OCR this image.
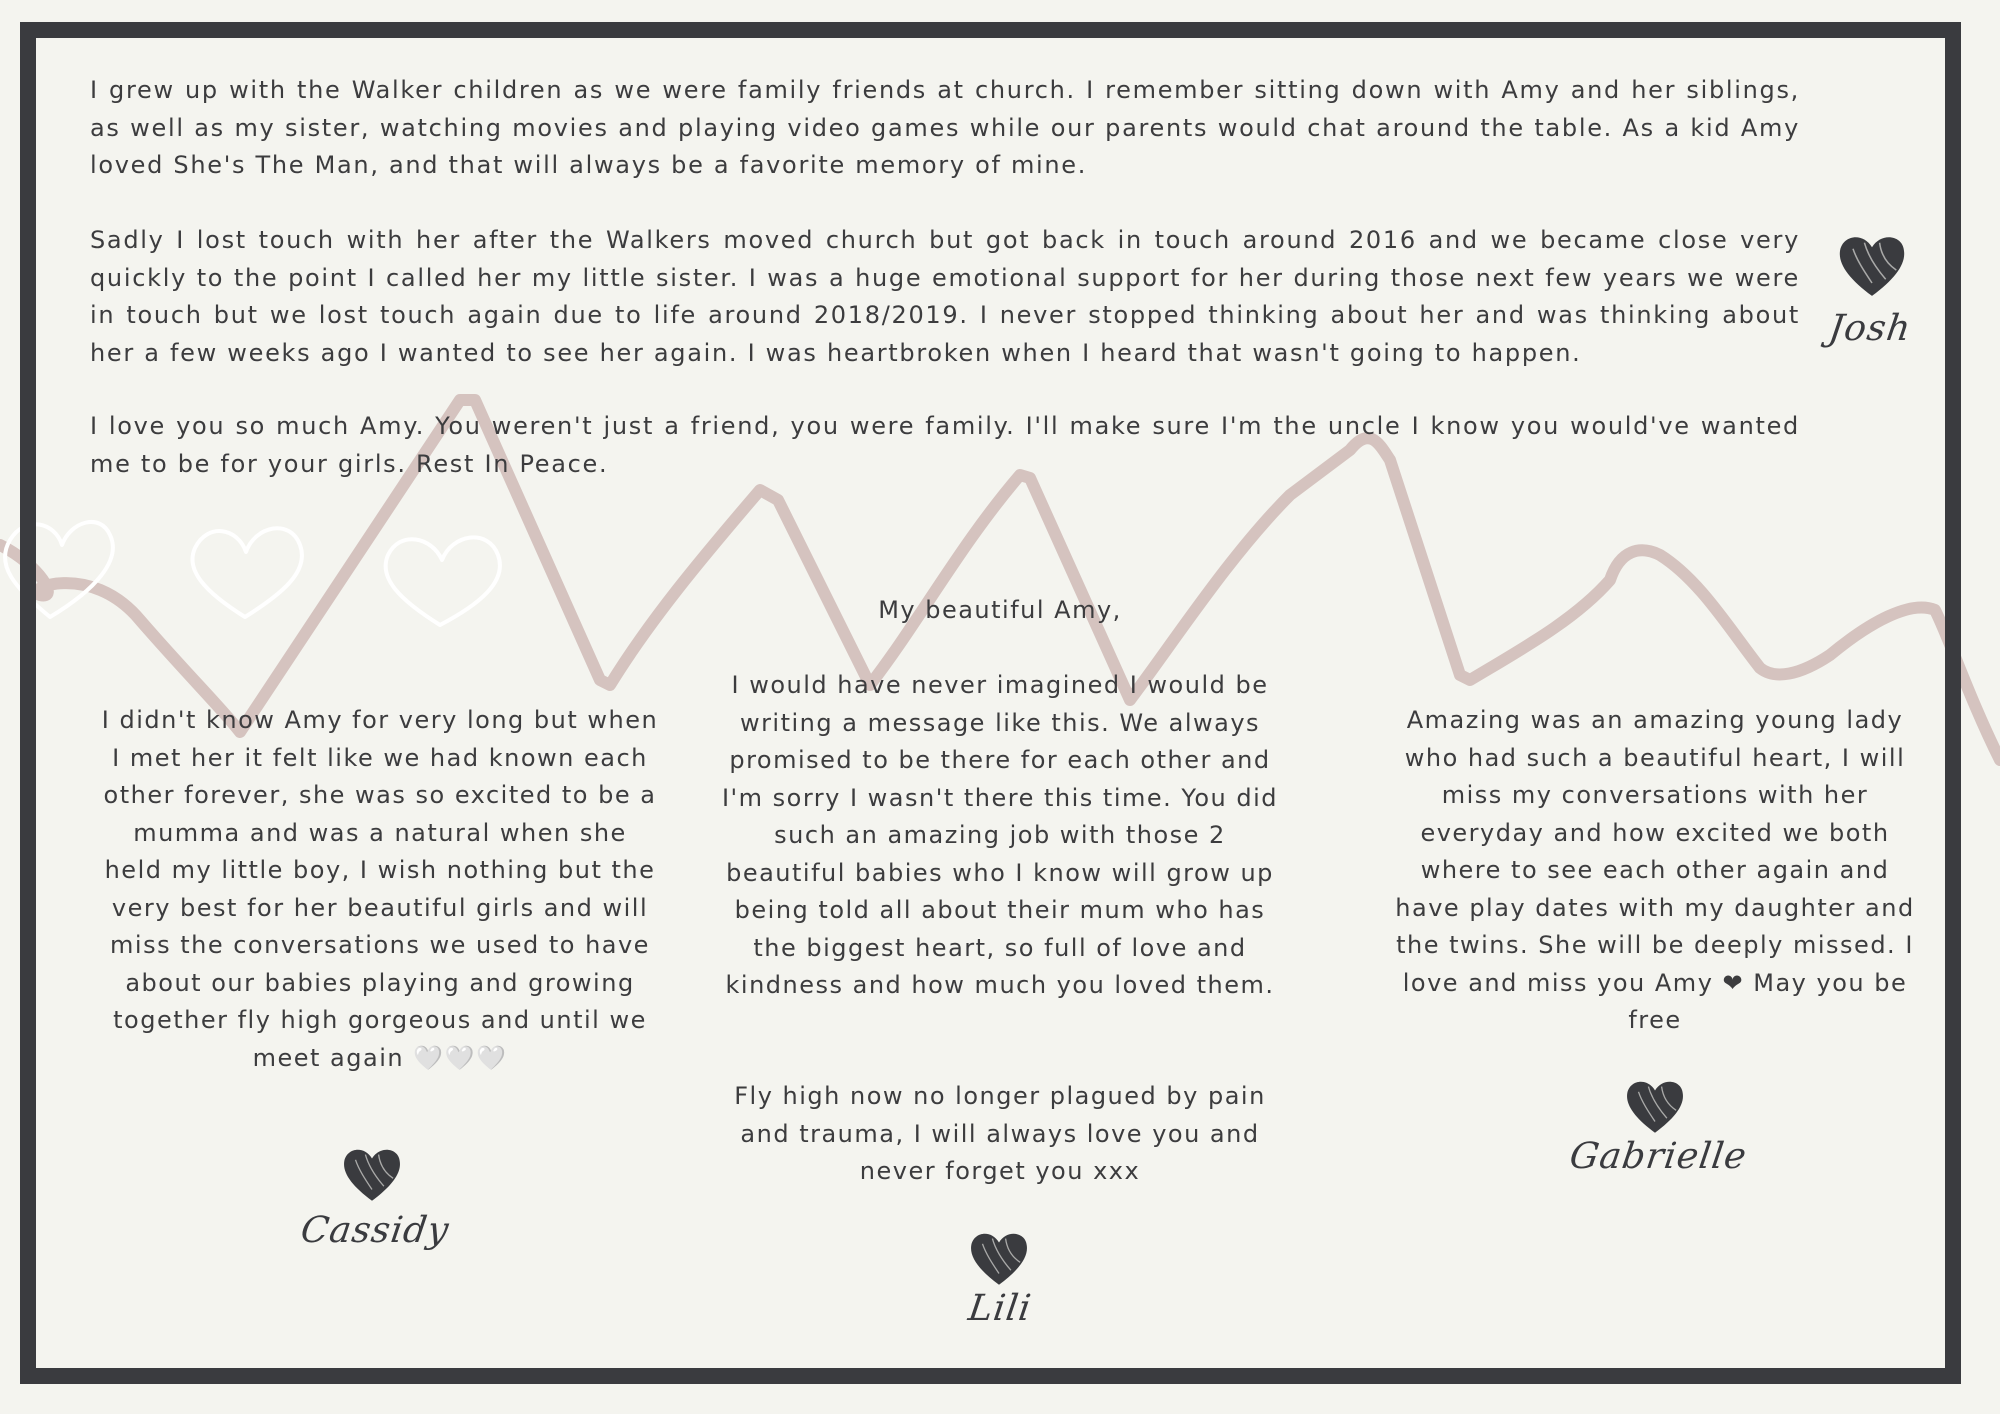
I grew up with the Walker children as we were family friends at church. I remember sitting down with Amy and her siblings, as well as my sister, watching movies and playing video games while our parents would chat around the table. As a kid Amy loved She's The Man, and that will always be a favorite memory of mine.

Sadly I lost touch with her after the Walkers moved church but got back in touch around 2016 and we became close very quickly to the point I called her my little sister. I was a huge emotional support for her during those next few years we were in touch but we lost touch again due to life around 2018/2019. I never stopped thinking about her and was thinking about her a few weeks ago I wanted to see her again. I was heartbroken when I heard that wasn't going to happen.

I love you so much Amy. You weren't just a friend, you were family. I'll make sure I'm the uncle I know you would've wanted me to be for your girls. Rest In Peace.

Josh

I didn't know Amy for very long but when I met her it felt like we had known each other forever, she was so excited to be a mumma and was a natural when she held my little boy, I wish nothing but the very best for her beautiful girls and will miss the conversations we used to have about our babies playing and growing together fly high gorgeous and until we meet again 🤍🤍🤍

Cassidy

My beautiful Amy,

I would have never imagined I would be writing a message like this. We always promised to be there for each other and I'm sorry I wasn't there this time. You did such an amazing job with those 2 beautiful babies who I know will grow up being told all about their mum who has the biggest heart, so full of love and kindness and how much you loved them.

Fly high now no longer plagued by pain and trauma, I will always love you and never forget you xxx

Lili

Amazing was an amazing young lady who had such a beautiful heart, I will miss my conversations with her everyday and how excited we both where to see each other again and have play dates with my daughter and the twins. She will be deeply missed. I love and miss you Amy ❤ May you be free

Gabrielle
